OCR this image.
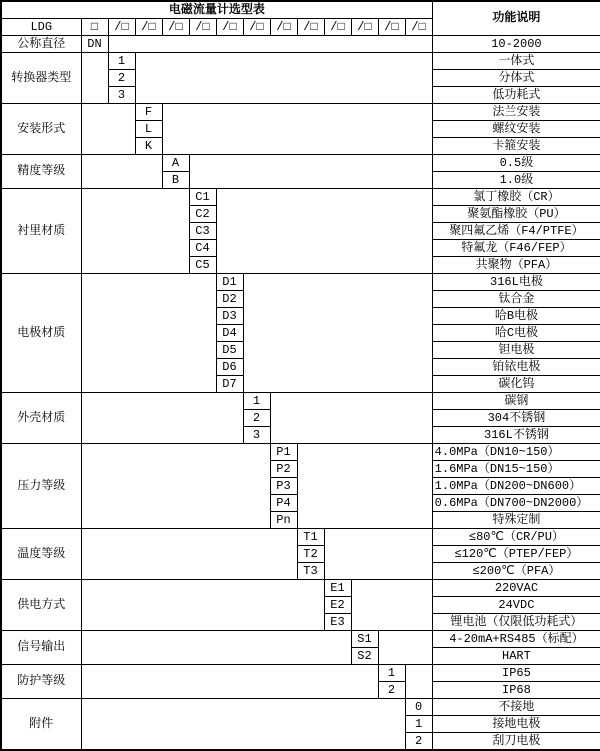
电磁流量计选型表														功能说明
LDG	□	/□	/□	/□	/□	/□	/□	/□	/□	/□	/□	/□	/□	
公称直径	DN													10-2000
转换器类型		1												一体式
		2												分体式
		3												低功耗式
安装形式			F											法兰安装
			L											螺纹安装
			K											卡箍安装
精度等级				A										0.5级
				B										1.0级
衬里材质					C1									氯丁橡胶（CR）
					C2									聚氨酯橡胶（PU）
					C3									聚四氟乙烯（F4/PTFE）
					C4									特氟龙（F46/FEP）
					C5									共聚物（PFA）
电极材质						D1								316L电极
						D2								钛合金
						D3								哈B电极
						D4								哈C电极
						D5								钽电极
						D6								铂铱电极
						D7								碳化钨
外壳材质							1							碳钢
							2							304不锈钢
							3							316L不锈钢
压力等级								P1						4.0MPa（DN10~150）
								P2						1.6MPa（DN15~150）
								P3						1.0MPa（DN200~DN600）
								P4						0.6MPa（DN700~DN2000）
								Pn						特殊定制
温度等级									T1					≤80℃（CR/PU）
									T2					≤120℃（PTEP/FEP）
									T3					≤200℃（PFA）
供电方式										E1				220VAC
										E2				24VDC
										E3				锂电池（仅限低功耗式）
信号输出											S1			4-20mA+RS485（标配）
											S2			HART
防护等级												1		IP65
												2		IP68
附件													0	不接地
													1	接地电极
													2	刮刀电极
